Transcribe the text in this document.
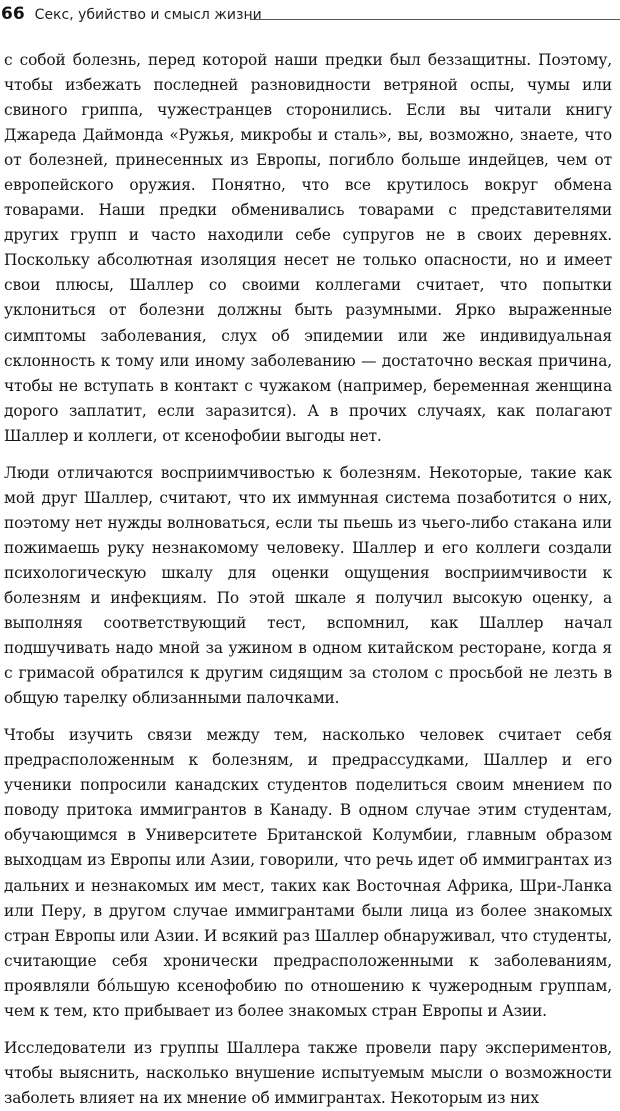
66 Секс, убийство и смысл жизни

с собой болезнь, перед которой наши предки был беззащитны. Поэтому, чтобы избежать последней разновидности ветряной оспы, чумы или свиного гриппа, чужестранцев сторонились. Если вы читали книгу Джареда Даймонда «Ружья, микробы и сталь», вы, возможно, знаете, что от болезней, принесенных из Европы, погибло больше индейцев, чем от европейского оружия. Понятно, что все крутилось вокруг обмена товарами. Наши предки обменивались товарами с представителями других групп и часто находили себе супругов не в своих деревнях. Поскольку абсолютная изоляция несет не только опасности, но и имеет свои плюсы, Шаллер со своими коллегами считает, что попытки уклониться от болезни должны быть разумными. Ярко выраженные симптомы заболевания, слух об эпидемии или же индивидуальная склонность к тому или иному заболеванию — достаточно веская причина, чтобы не вступать в контакт с чужаком (например, беременная женщина дорого заплатит, если заразится). А в прочих случаях, как полагают Шаллер и коллеги, от ксенофобии выгоды нет.

Люди отличаются восприимчивостью к болезням. Некоторые, такие как мой друг Шаллер, считают, что их иммунная система позаботится о них, поэтому нет нужды волноваться, если ты пьешь из чьего-либо стакана или пожимаешь руку незнакомому человеку. Шаллер и его коллеги создали психологическую шкалу для оценки ощущения восприимчивости к болезням и инфекциям. По этой шкале я получил высокую оценку, а выполняя соответствующий тест, вспомнил, как Шаллер начал подшучивать надо мной за ужином в одном китайском ресторане, когда я с гримасой обратился к другим сидящим за столом с просьбой не лезть в общую тарелку облизанными палочками.

Чтобы изучить связи между тем, насколько человек считает себя предрасположенным к болезням, и предрассудками, Шаллер и его ученики попросили канадских студентов поделиться своим мнением по поводу притока иммигрантов в Канаду. В одном случае этим студентам, обучающимся в Университете Британской Колумбии, главным образом выходцам из Европы или Азии, говорили, что речь идет об иммигрантах из дальних и незнакомых им мест, таких как Восточная Африка, Шри-Ланка или Перу, в другом случае иммигрантами были лица из более знакомых стран Европы или Азии. И всякий раз Шаллер обнаруживал, что студенты, считающие себя хронически предрасположенными к заболеваниям, проявляли бо́льшую ксенофобию по отношению к чужеродным группам, чем к тем, кто прибывает из более знакомых стран Европы и Азии.

Исследователи из группы Шаллера также провели пару экспериментов, чтобы выяснить, насколько внушение испытуемым мысли о возможности заболеть влияет на их мнение об иммигрантах. Некоторым из них
